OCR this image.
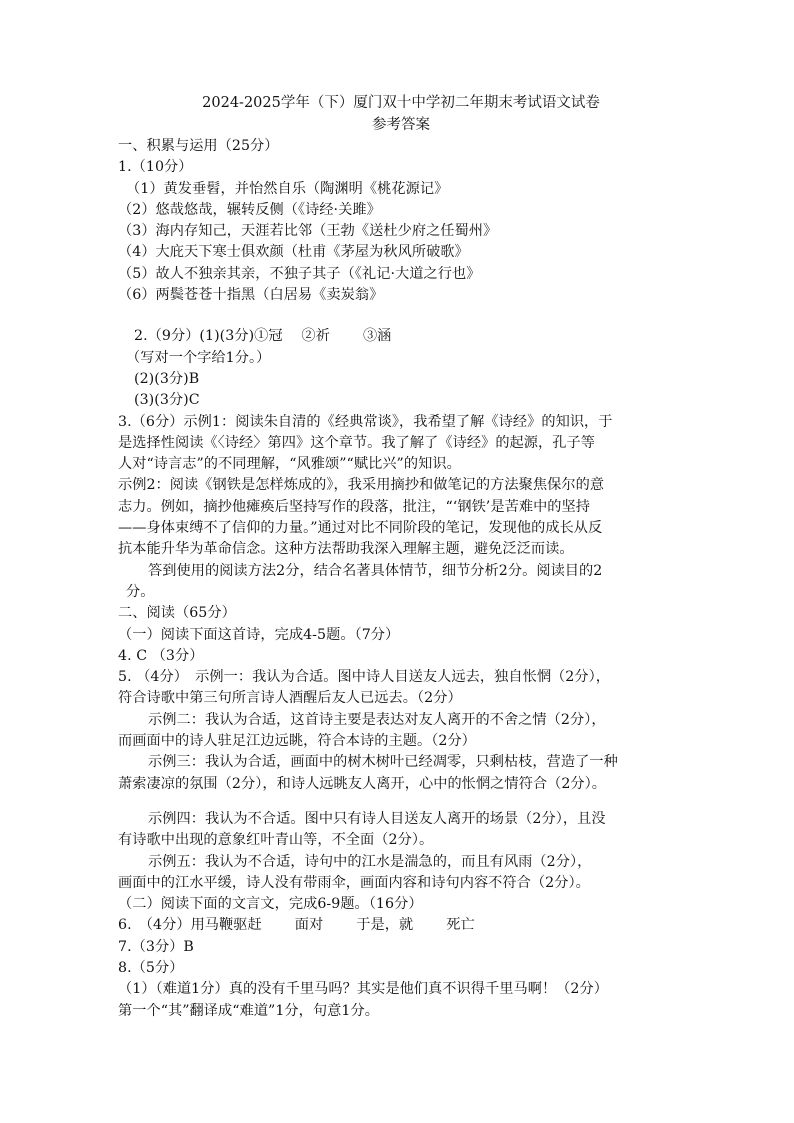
2024-2025学年（下）厦门双十中学初二年期末考试语文试卷
参考答案
一、积累与运用（25分）
1.（10分）
（1）黄发垂髫，并怡然自乐（陶渊明《桃花源记》
（2）悠哉悠哉，辗转反侧（《诗经·关雎》
（3）海内存知己，天涯若比邻（王勃《送杜少府之任蜀州》
（4）大庇天下寒士俱欢颜（杜甫《茅屋为秋风所破歌》
（5）故人不独亲其亲，不独子其子（《礼记·大道之行也》
（6）两鬓苍苍十指黑（白居易《卖炭翁》
2.（9分）(1)(3分)①冠　 ②祈　　 ③涵
（写对一个字给1分。）
(2)(3分)B
(3)(3分)C
3.（6分）示例1：阅读朱自清的《经典常谈》，我希望了解《诗经》的知识，于
是选择性阅读《〈诗经〉第四》这个章节。我了解了《诗经》的起源，孔子等
人对“诗言志”的不同理解，“风雅颂”“赋比兴”的知识。
示例2：阅读《钢铁是怎样炼成的》，我采用摘抄和做笔记的方法聚焦保尔的意
志力。例如，摘抄他瘫痪后坚持写作的段落，批注，“‘钢铁’是苦难中的坚持
——身体束缚不了信仰的力量。”通过对比不同阶段的笔记，发现他的成长从反
抗本能升华为革命信念。这种方法帮助我深入理解主题，避免泛泛而读。
答到使用的阅读方法2分，结合名著具体情节，细节分析2分。阅读目的2
分。
二、阅读（65分）
（一）阅读下面这首诗，完成4-5题。（7分）
4. C （3分）
5. （4分）　示例一：我认为合适。图中诗人目送友人远去，独自怅惘（2分），
符合诗歌中第三句所言诗人酒醒后友人已远去。（2分）
示例二：我认为合适，这首诗主要是表达对友人离开的不舍之情（2分），
而画面中的诗人驻足江边远眺，符合本诗的主题。（2分）
示例三：我认为合适，画面中的树木树叶已经凋零，只剩枯枝，营造了一种
萧索凄凉的氛围（2分），和诗人远眺友人离开，心中的怅惘之情符合（2分）。
示例四：我认为不合适。图中只有诗人目送友人离开的场景（2分），且没
有诗歌中出现的意象红叶青山等，不全面（2分）。
示例五：我认为不合适，诗句中的江水是湍急的，而且有风雨（2分），
画面中的江水平缓，诗人没有带雨伞，画面内容和诗句内容不符合（2分）。
（二）阅读下面的文言文，完成6-9题。（16分）
6.　（4分）用马鞭驱赶　　 面对　　 于是，就　　 死亡
7.（3分）B
8.（5分）
（1）（难道1分）真的没有千里马吗？其实是他们真不识得千里马啊！（2分）
第一个“其”翻译成“难道”1分，句意1分。
